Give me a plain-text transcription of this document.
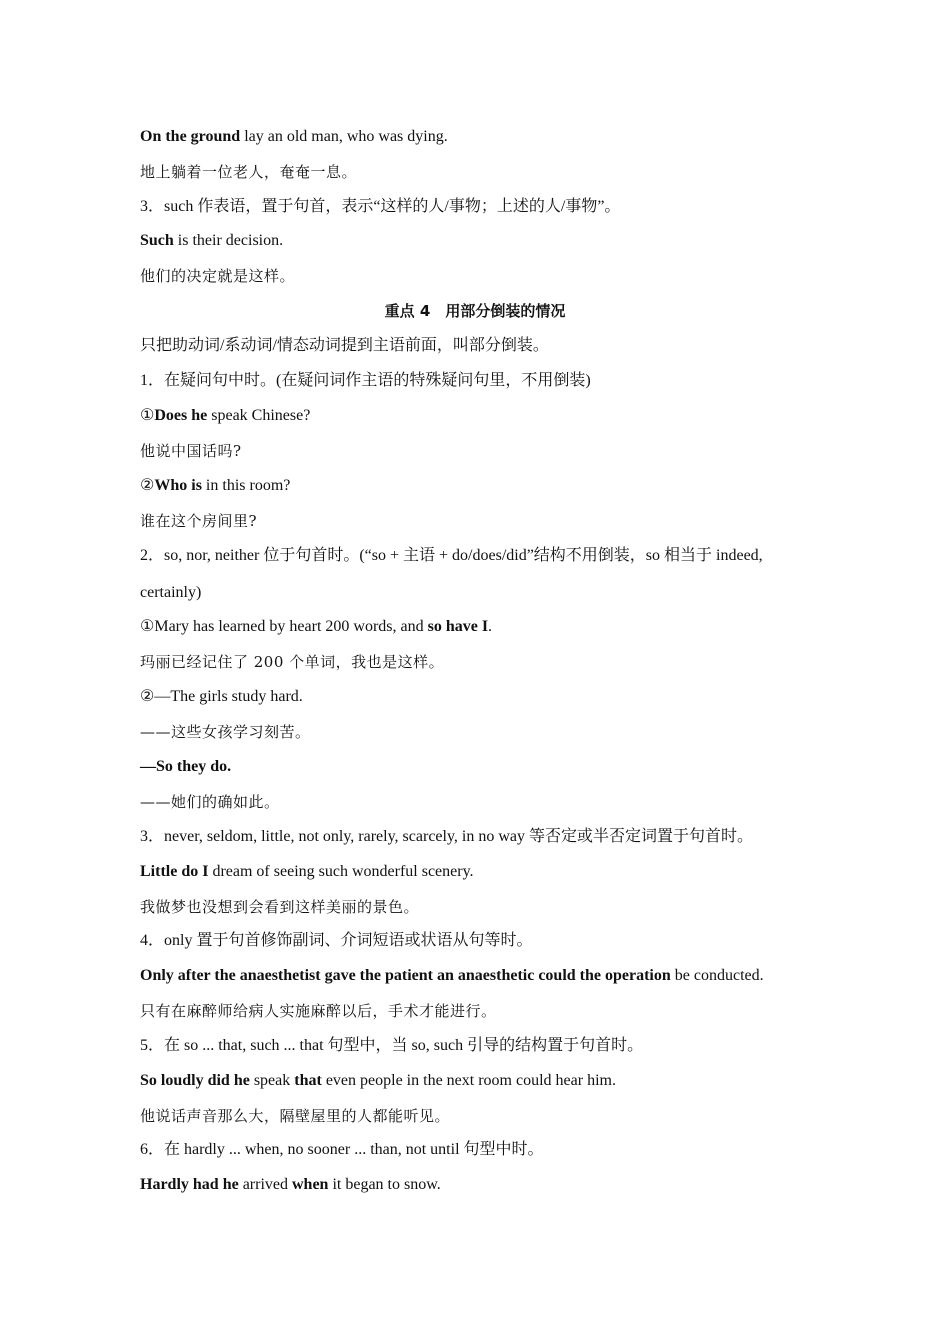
On the ground lay an old man, who was dying.
地上躺着一位老人，奄奄一息。
3．such 作表语，置于句首，表示“这样的人/事物；上述的人/事物”。
Such is their decision.
他们的决定就是这样。
重点 4　用部分倒装的情况
只把助动词/系动词/情态动词提到主语前面，叫部分倒装。
1．在疑问句中时。(在疑问词作主语的特殊疑问句里，不用倒装)
①Does he speak Chinese?
他说中国话吗?
②Who is in this room?
谁在这个房间里?
2．so, nor, neither 位于句首时。(“so + 主语 + do/does/did”结构不用倒装，so 相当于 indeed,
certainly)
①Mary has learned by heart 200 words, and so have I.
玛丽已经记住了 200 个单词，我也是这样。
②—The girls study hard.
——这些女孩学习刻苦。
—So they do.
——她们的确如此。
3．never, seldom, little, not only, rarely, scarcely, in no way 等否定或半否定词置于句首时。
Little do I dream of seeing such wonderful scenery.
我做梦也没想到会看到这样美丽的景色。
4．only 置于句首修饰副词、介词短语或状语从句等时。
Only after the anaesthetist gave the patient an anaesthetic could the operation be conducted.
只有在麻醉师给病人实施麻醉以后，手术才能进行。
5．在 so ... that, such ... that 句型中，当 so, such 引导的结构置于句首时。
So loudly did he speak that even people in the next room could hear him.
他说话声音那么大，隔壁屋里的人都能听见。
6．在 hardly ... when, no sooner ... than, not until 句型中时。
Hardly had he arrived when it began to snow.
